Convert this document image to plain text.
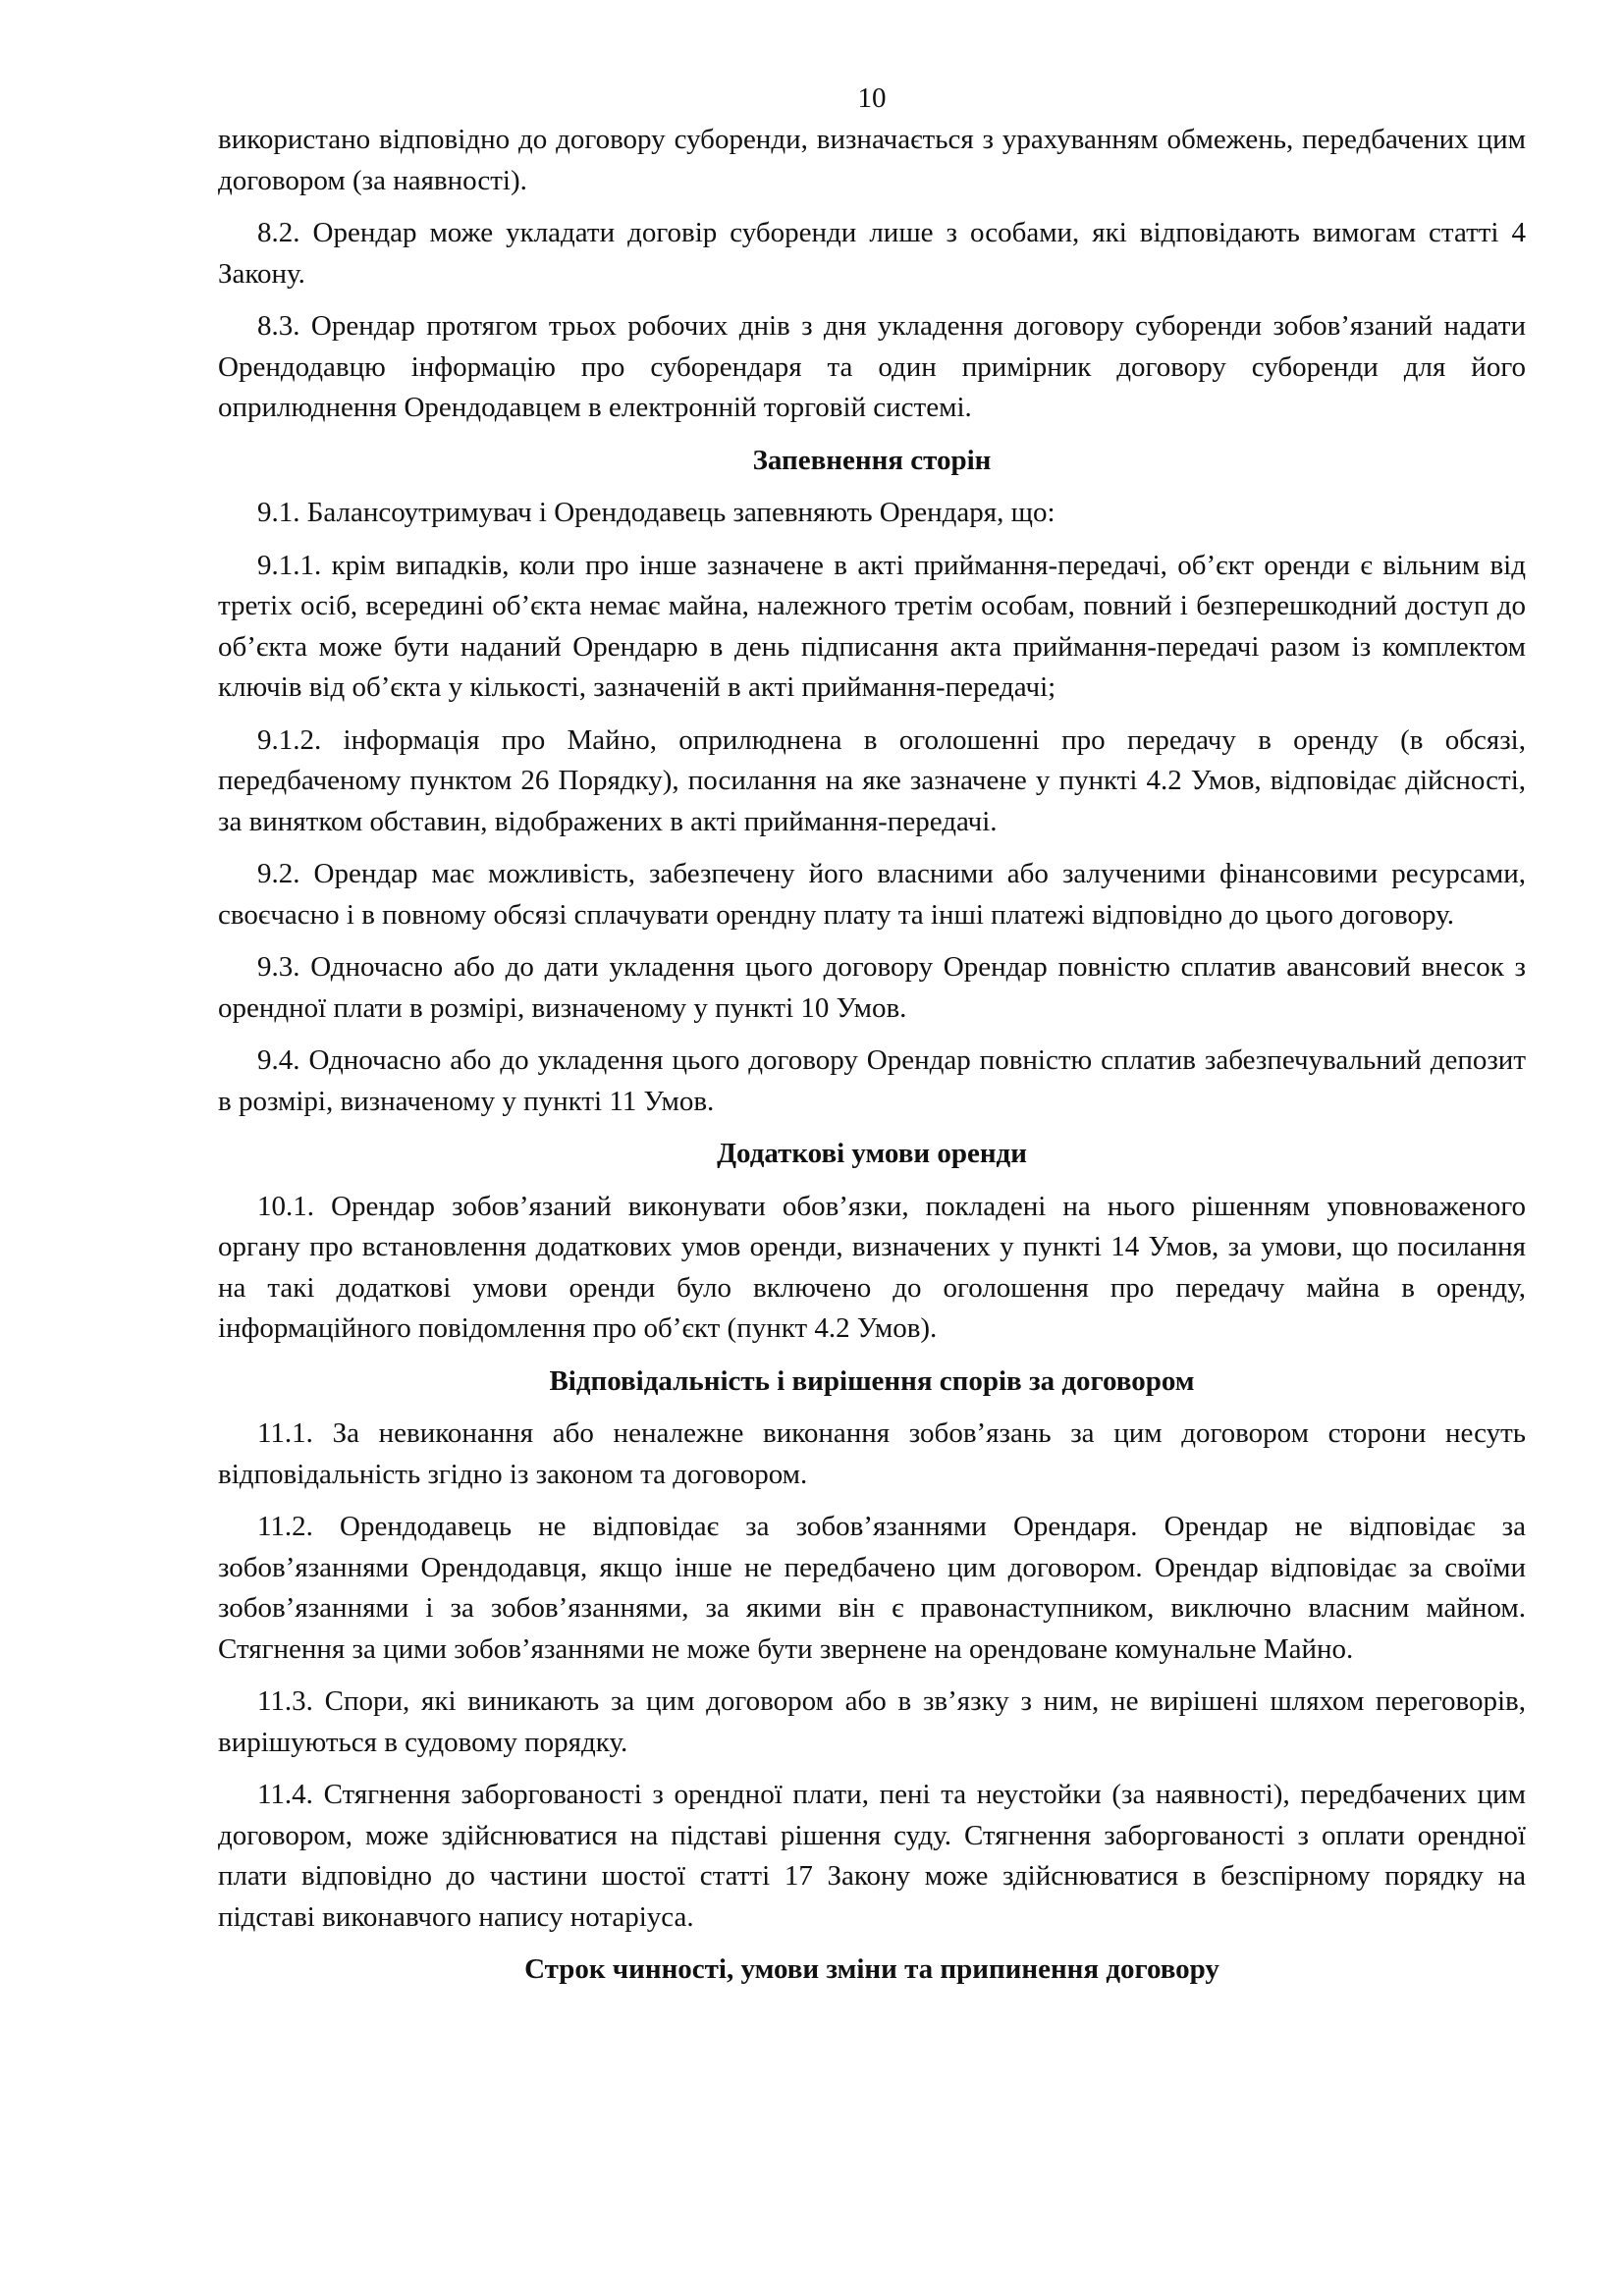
10

використано відповідно до договору суборенди, визначається з урахуванням обмежень, передбачених цим договором (за наявності).

8.2. Орендар може укладати договір суборенди лише з особами, які відповідають вимогам статті 4 Закону.

8.3. Орендар протягом трьох робочих днів з дня укладення договору суборенди зобов’язаний надати Орендодавцю інформацію про суборендаря та один примірник договору суборенди для його оприлюднення Орендодавцем в електронній торговій системі.

Запевнення сторін

9.1. Балансоутримувач і Орендодавець запевняють Орендаря, що:

9.1.1. крім випадків, коли про інше зазначене в акті приймання-передачі, об’єкт оренди є вільним від третіх осіб, всередині об’єкта немає майна, належного третім особам, повний і безперешкодний доступ до об’єкта може бути наданий Орендарю в день підписання акта приймання-передачі разом із комплектом ключів від об’єкта у кількості, зазначеній в акті приймання-передачі;

9.1.2. інформація про Майно, оприлюднена в оголошенні про передачу в оренду (в обсязі, передбаченому пунктом 26 Порядку), посилання на яке зазначене у пункті 4.2 Умов, відповідає дійсності, за винятком обставин, відображених в акті приймання-передачі.

9.2. Орендар має можливість, забезпечену його власними або залученими фінансовими ресурсами, своєчасно і в повному обсязі сплачувати орендну плату та інші платежі відповідно до цього договору.

9.3. Одночасно або до дати укладення цього договору Орендар повністю сплатив авансовий внесок з орендної плати в розмірі, визначеному у пункті 10 Умов.

9.4. Одночасно або до укладення цього договору Орендар повністю сплатив забезпечувальний депозит в розмірі, визначеному у пункті 11 Умов.

Додаткові умови оренди

10.1. Орендар зобов’язаний виконувати обов’язки, покладені на нього рішенням уповноваженого органу про встановлення додаткових умов оренди, визначених у пункті 14 Умов, за умови, що посилання на такі додаткові умови оренди було включено до оголошення про передачу майна в оренду, інформаційного повідомлення про об’єкт (пункт 4.2 Умов).

Відповідальність і вирішення спорів за договором

11.1. За невиконання або неналежне виконання зобов’язань за цим договором сторони несуть відповідальність згідно із законом та договором.

11.2. Орендодавець не відповідає за зобов’язаннями Орендаря. Орендар не відповідає за зобов’язаннями Орендодавця, якщо інше не передбачено цим договором. Орендар відповідає за своїми зобов’язаннями і за зобов’язаннями, за якими він є правонаступником, виключно власним майном. Стягнення за цими зобов’язаннями не може бути звернене на орендоване комунальне Майно.

11.3. Спори, які виникають за цим договором або в зв’язку з ним, не вирішені шляхом переговорів, вирішуються в судовому порядку.

11.4. Стягнення заборгованості з орендної плати, пені та неустойки (за наявності), передбачених цим договором, може здійснюватися на підставі рішення суду. Стягнення заборгованості з оплати орендної плати відповідно до частини шостої статті 17 Закону може здійснюватися в безспірному порядку на підставі виконавчого напису нотаріуса.

Строк чинності, умови зміни та припинення договору
